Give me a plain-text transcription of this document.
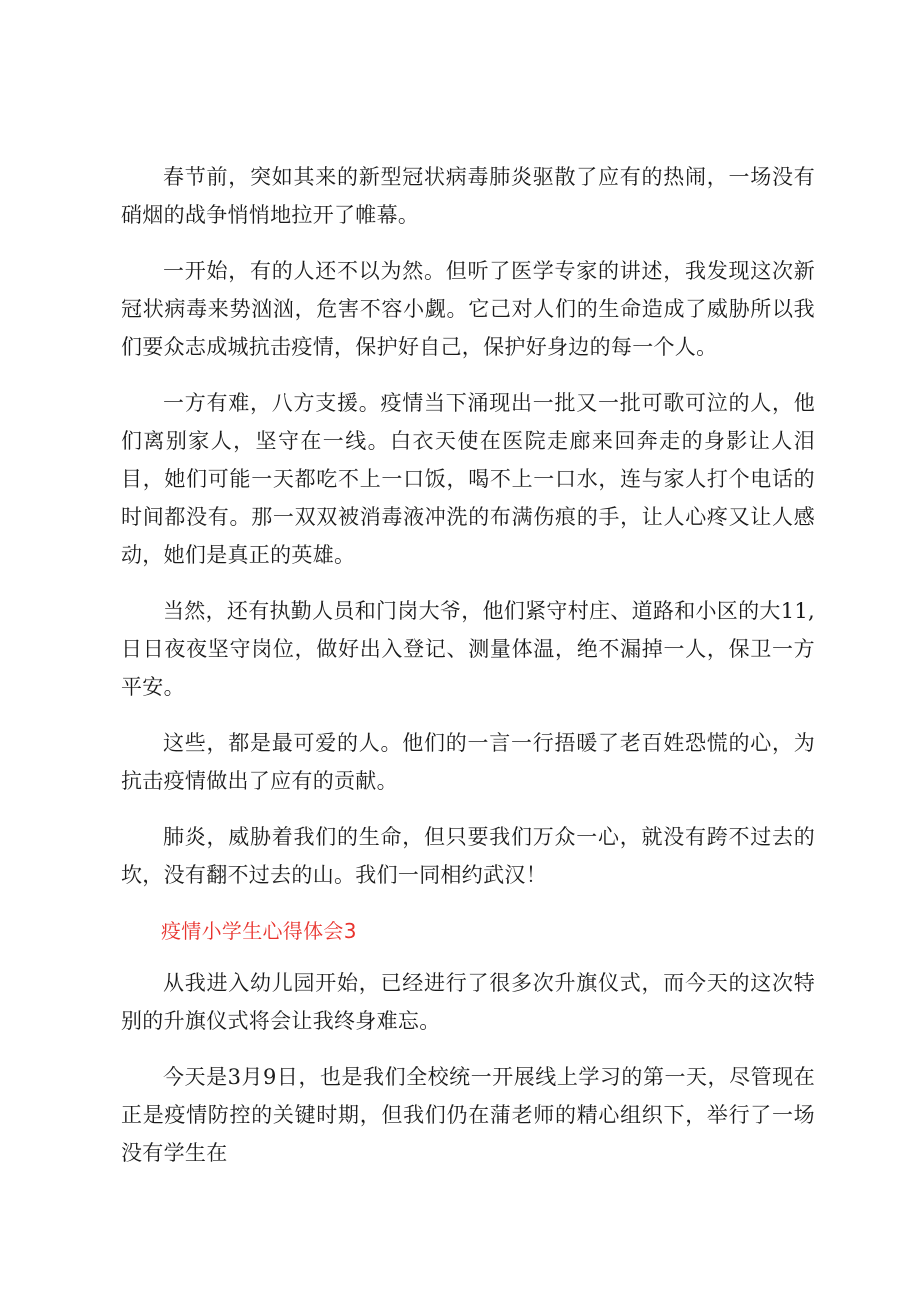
春节前，突如其来的新型冠状病毒肺炎驱散了应有的热闹，一场没有硝烟的战争悄悄地拉开了帷幕。

一开始，有的人还不以为然。但听了医学专家的讲述，我发现这次新冠状病毒来势汹汹，危害不容小觑。它己对人们的生命造成了威胁所以我们要众志成城抗击疫情，保护好自己，保护好身边的每一个人。

一方有难，八方支援。疫情当下涌现出一批又一批可歌可泣的人，他们离别家人，坚守在一线。白衣天使在医院走廊来回奔走的身影让人泪目，她们可能一天都吃不上一口饭，喝不上一口水，连与家人打个电话的时间都没有。那一双双被消毒液冲洗的布满伤痕的手，让人心疼又让人感动，她们是真正的英雄。

当然，还有执勤人员和门岗大爷，他们紧守村庄、道路和小区的大11,日日夜夜坚守岗位，做好出入登记、测量体温，绝不漏掉一人，保卫一方平安。

这些，都是最可爱的人。他们的一言一行捂暖了老百姓恐慌的心，为抗击疫情做出了应有的贡献。

肺炎，威胁着我们的生命，但只要我们万众一心，就没有跨不过去的坎，没有翻不过去的山。我们一同相约武汉！

疫情小学生心得体会3

从我进入幼儿园开始，已经进行了很多次升旗仪式，而今天的这次特别的升旗仪式将会让我终身难忘。

今天是3月9日，也是我们全校统一开展线上学习的第一天，尽管现在正是疫情防控的关键时期，但我们仍在蒲老师的精心组织下，举行了一场没有学生在
